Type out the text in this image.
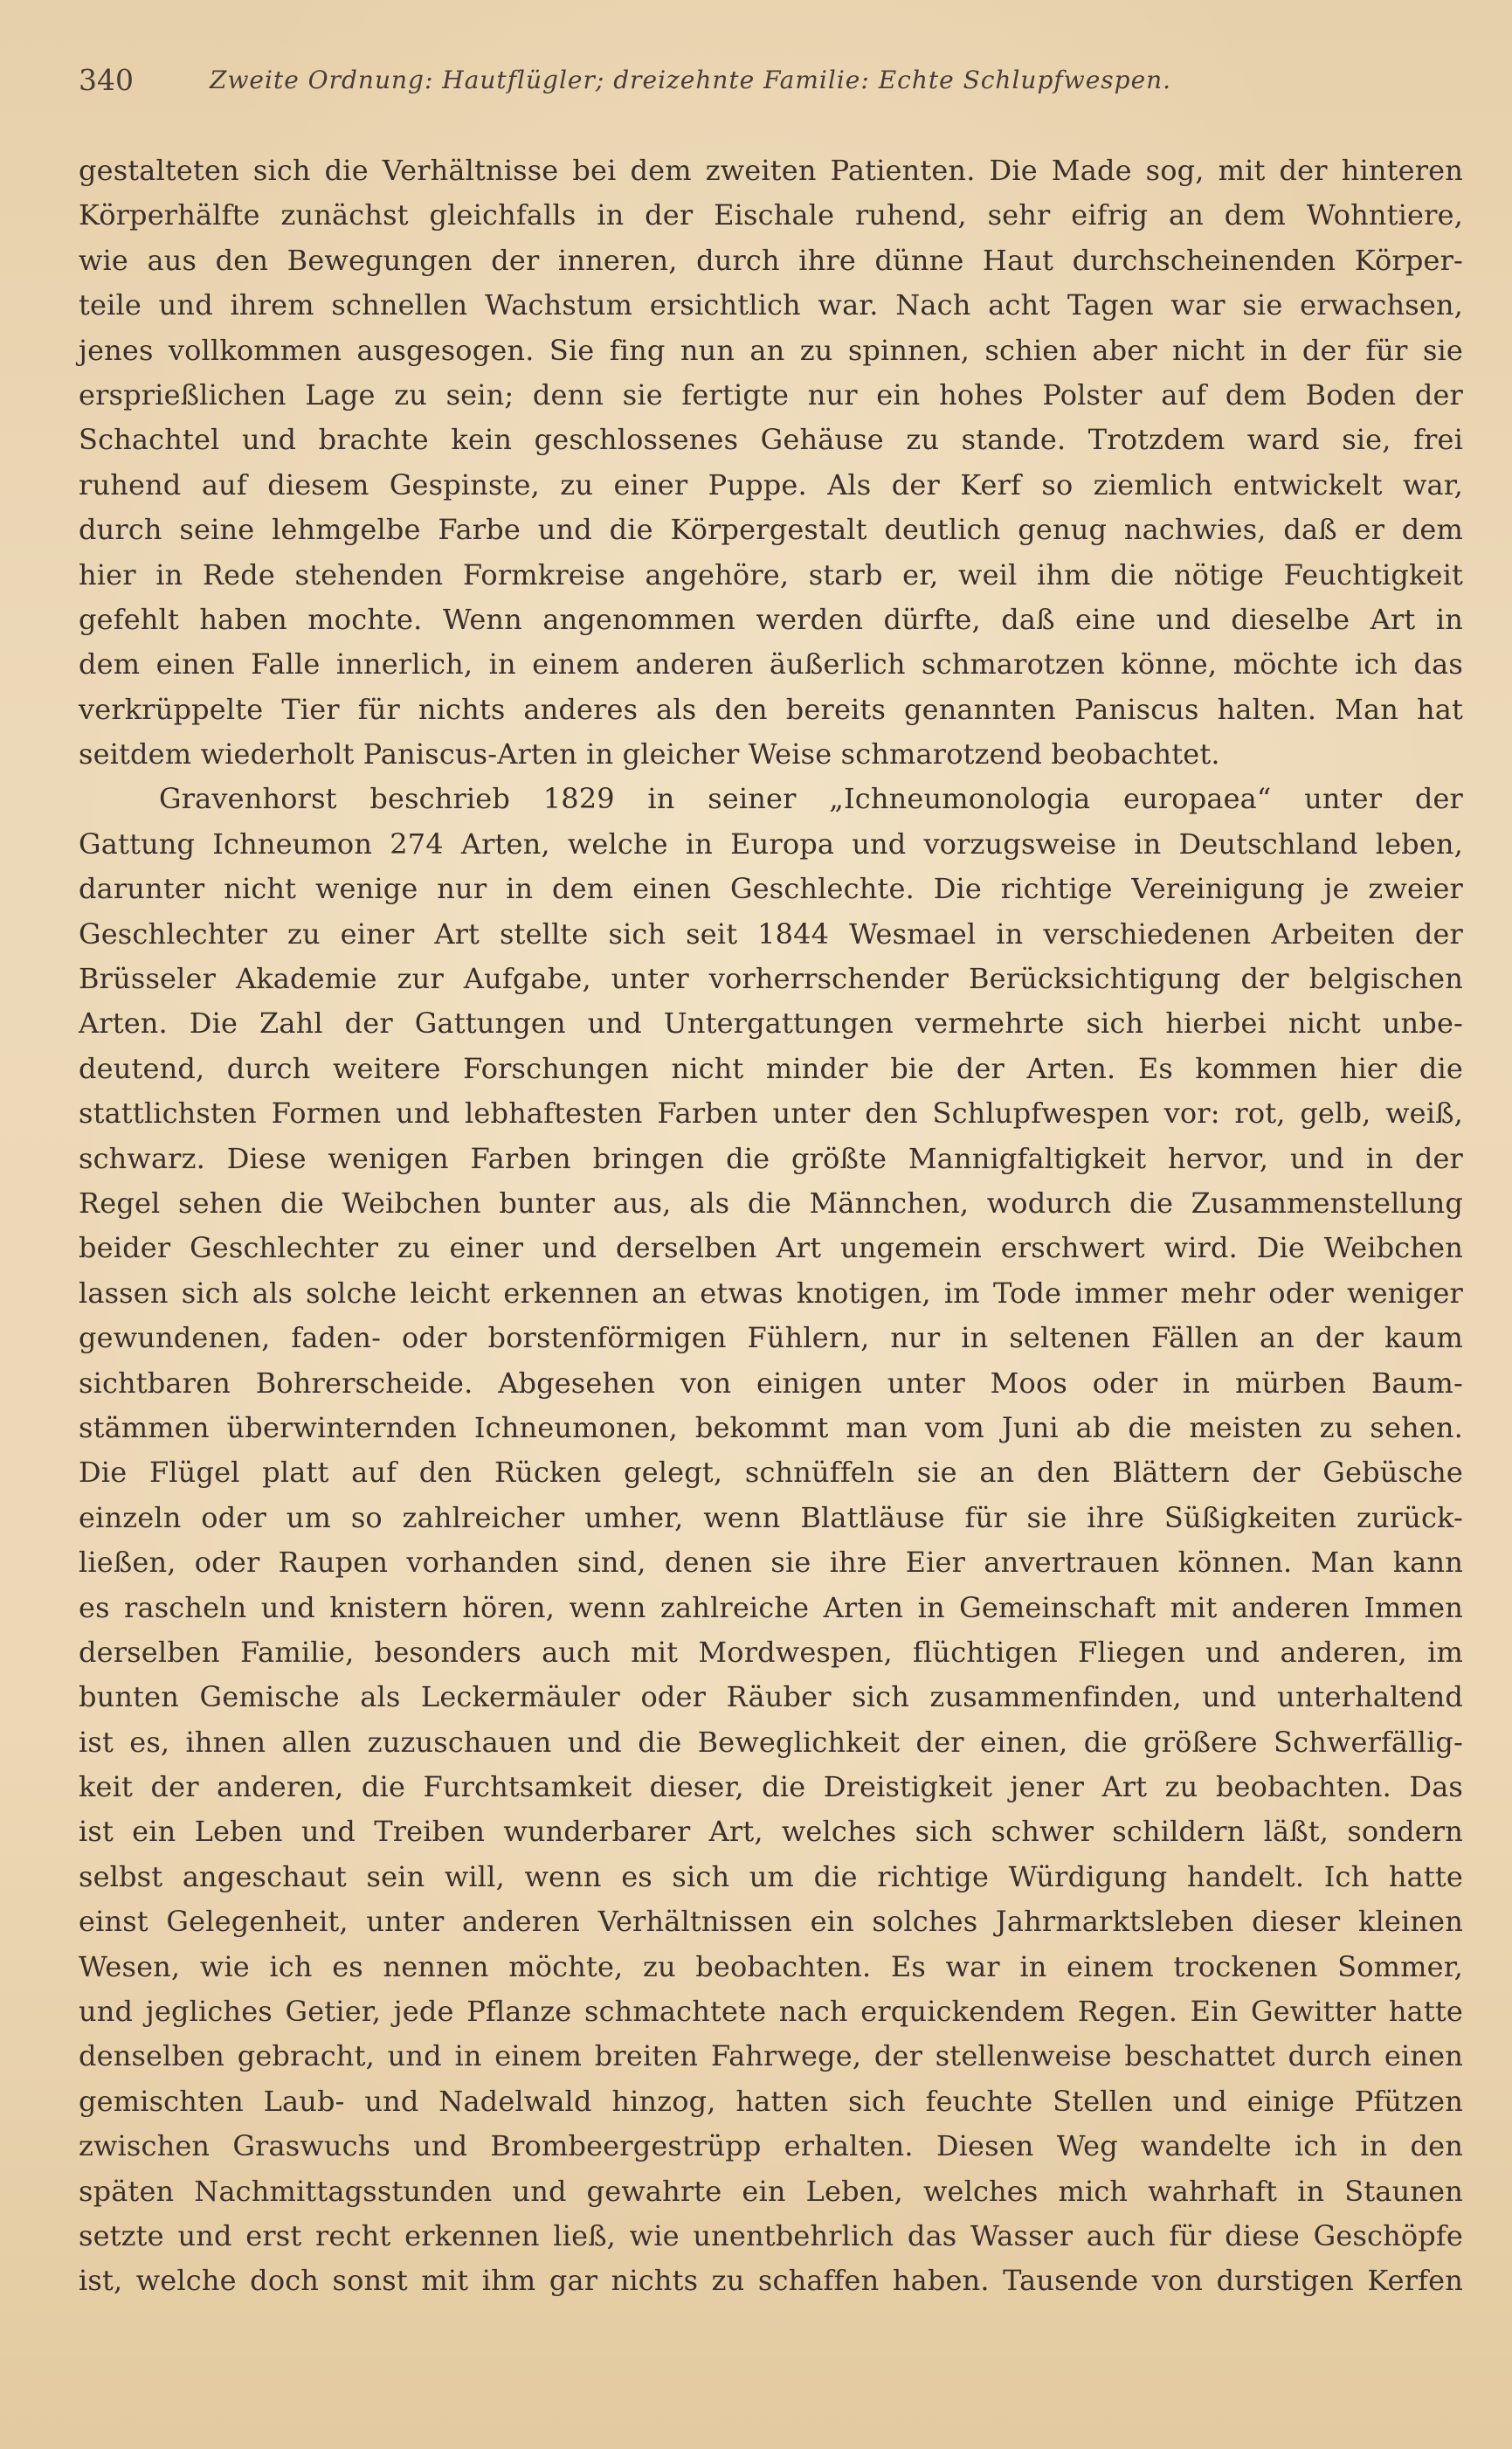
340	Zweite Ordnung: Hautflügler; dreizehnte Familie: Echte Schlupfwespen.
gestalteten sich die Verhältnisse bei dem zweiten Patienten. Die Made sog, mit der hinteren
Körperhälfte zunächst gleichfalls in der Eischale ruhend, sehr eifrig an dem Wohntiere,
wie aus den Bewegungen der inneren, durch ihre dünne Haut durchscheinenden Körper-
teile und ihrem schnellen Wachstum ersichtlich war. Nach acht Tagen war sie erwachsen,
jenes vollkommen ausgesogen. Sie fing nun an zu spinnen, schien aber nicht in der für sie
ersprießlichen Lage zu sein; denn sie fertigte nur ein hohes Polster auf dem Boden der
Schachtel und brachte kein geschlossenes Gehäuse zu stande. Trotzdem ward sie, frei
ruhend auf diesem Gespinste, zu einer Puppe. Als der Kerf so ziemlich entwickelt war,
durch seine lehmgelbe Farbe und die Körpergestalt deutlich genug nachwies, daß er dem
hier in Rede stehenden Formkreise angehöre, starb er, weil ihm die nötige Feuchtigkeit
gefehlt haben mochte. Wenn angenommen werden dürfte, daß eine und dieselbe Art in
dem einen Falle innerlich, in einem anderen äußerlich schmarotzen könne, möchte ich das
verkrüppelte Tier für nichts anderes als den bereits genannten Paniscus halten. Man hat
seitdem wiederholt Paniscus-Arten in gleicher Weise schmarotzend beobachtet.
Gravenhorst beschrieb 1829 in seiner „Ichneumonologia europaea“ unter der
Gattung Ichneumon 274 Arten, welche in Europa und vorzugsweise in Deutschland leben,
darunter nicht wenige nur in dem einen Geschlechte. Die richtige Vereinigung je zweier
Geschlechter zu einer Art stellte sich seit 1844 Wesmael in verschiedenen Arbeiten der
Brüsseler Akademie zur Aufgabe, unter vorherrschender Berücksichtigung der belgischen
Arten. Die Zahl der Gattungen und Untergattungen vermehrte sich hierbei nicht unbe-
deutend, durch weitere Forschungen nicht minder bie der Arten. Es kommen hier die
stattlichsten Formen und lebhaftesten Farben unter den Schlupfwespen vor: rot, gelb, weiß,
schwarz. Diese wenigen Farben bringen die größte Mannigfaltigkeit hervor, und in der
Regel sehen die Weibchen bunter aus, als die Männchen, wodurch die Zusammenstellung
beider Geschlechter zu einer und derselben Art ungemein erschwert wird. Die Weibchen
lassen sich als solche leicht erkennen an etwas knotigen, im Tode immer mehr oder weniger
gewundenen, faden- oder borstenförmigen Fühlern, nur in seltenen Fällen an der kaum
sichtbaren Bohrerscheide. Abgesehen von einigen unter Moos oder in mürben Baum-
stämmen überwinternden Ichneumonen, bekommt man vom Juni ab die meisten zu sehen.
Die Flügel platt auf den Rücken gelegt, schnüffeln sie an den Blättern der Gebüsche
einzeln oder um so zahlreicher umher, wenn Blattläuse für sie ihre Süßigkeiten zurück-
ließen, oder Raupen vorhanden sind, denen sie ihre Eier anvertrauen können. Man kann
es rascheln und knistern hören, wenn zahlreiche Arten in Gemeinschaft mit anderen Immen
derselben Familie, besonders auch mit Mordwespen, flüchtigen Fliegen und anderen, im
bunten Gemische als Leckermäuler oder Räuber sich zusammenfinden, und unterhaltend
ist es, ihnen allen zuzuschauen und die Beweglichkeit der einen, die größere Schwerfällig-
keit der anderen, die Furchtsamkeit dieser, die Dreistigkeit jener Art zu beobachten. Das
ist ein Leben und Treiben wunderbarer Art, welches sich schwer schildern läßt, sondern
selbst angeschaut sein will, wenn es sich um die richtige Würdigung handelt. Ich hatte
einst Gelegenheit, unter anderen Verhältnissen ein solches Jahrmarktsleben dieser kleinen
Wesen, wie ich es nennen möchte, zu beobachten. Es war in einem trockenen Sommer,
und jegliches Getier, jede Pflanze schmachtete nach erquickendem Regen. Ein Gewitter hatte
denselben gebracht, und in einem breiten Fahrwege, der stellenweise beschattet durch einen
gemischten Laub- und Nadelwald hinzog, hatten sich feuchte Stellen und einige Pfützen
zwischen Graswuchs und Brombeergestrüpp erhalten. Diesen Weg wandelte ich in den
späten Nachmittagsstunden und gewahrte ein Leben, welches mich wahrhaft in Staunen
setzte und erst recht erkennen ließ, wie unentbehrlich das Wasser auch für diese Geschöpfe
ist, welche doch sonst mit ihm gar nichts zu schaffen haben. Tausende von durstigen Kerfen
